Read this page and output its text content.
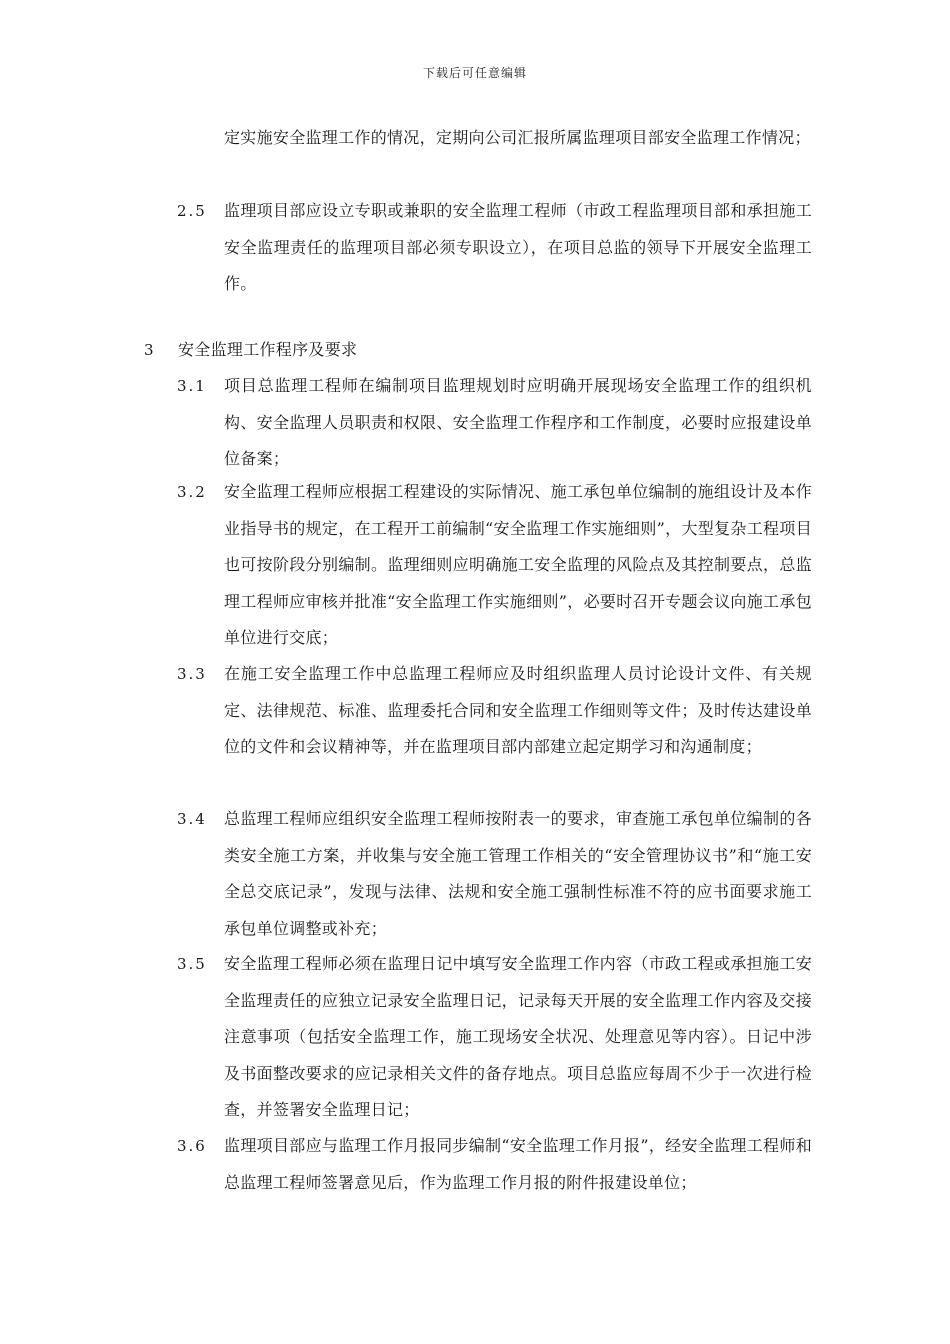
下载后可任意编辑
定实施安全监理工作的情况，定期向公司汇报所属监理项目部安全监理工作情况；
2.5 监理项目部应设立专职或兼职的安全监理工程师（市政工程监理项目部和承担施工安全监理责任的监理项目部必须专职设立），在项目总监的领导下开展安全监理工作。
3 安全监理工作程序及要求
3.1 项目总监理工程师在编制项目监理规划时应明确开展现场安全监理工作的组织机构、安全监理人员职责和权限、安全监理工作程序和工作制度，必要时应报建设单位备案；
3.2 安全监理工程师应根据工程建设的实际情况、施工承包单位编制的施组设计及本作业指导书的规定，在工程开工前编制“安全监理工作实施细则”，大型复杂工程项目也可按阶段分别编制。监理细则应明确施工安全监理的风险点及其控制要点，总监理工程师应审核并批准“安全监理工作实施细则”，必要时召开专题会议向施工承包单位进行交底；
3.3 在施工安全监理工作中总监理工程师应及时组织监理人员讨论设计文件、有关规定、法律规范、标准、监理委托合同和安全监理工作细则等文件；及时传达建设单位的文件和会议精神等，并在监理项目部内部建立起定期学习和沟通制度；
3.4 总监理工程师应组织安全监理工程师按附表一的要求，审查施工承包单位编制的各类安全施工方案，并收集与安全施工管理工作相关的“安全管理协议书”和“施工安全总交底记录”，发现与法律、法规和安全施工强制性标准不符的应书面要求施工承包单位调整或补充；
3.5 安全监理工程师必须在监理日记中填写安全监理工作内容（市政工程或承担施工安全监理责任的应独立记录安全监理日记，记录每天开展的安全监理工作内容及交接注意事项（包括安全监理工作，施工现场安全状况、处理意见等内容）。日记中涉及书面整改要求的应记录相关文件的备存地点。项目总监应每周不少于一次进行检查，并签署安全监理日记；
3.6 监理项目部应与监理工作月报同步编制“安全监理工作月报”，经安全监理工程师和总监理工程师签署意见后，作为监理工作月报的附件报建设单位；
